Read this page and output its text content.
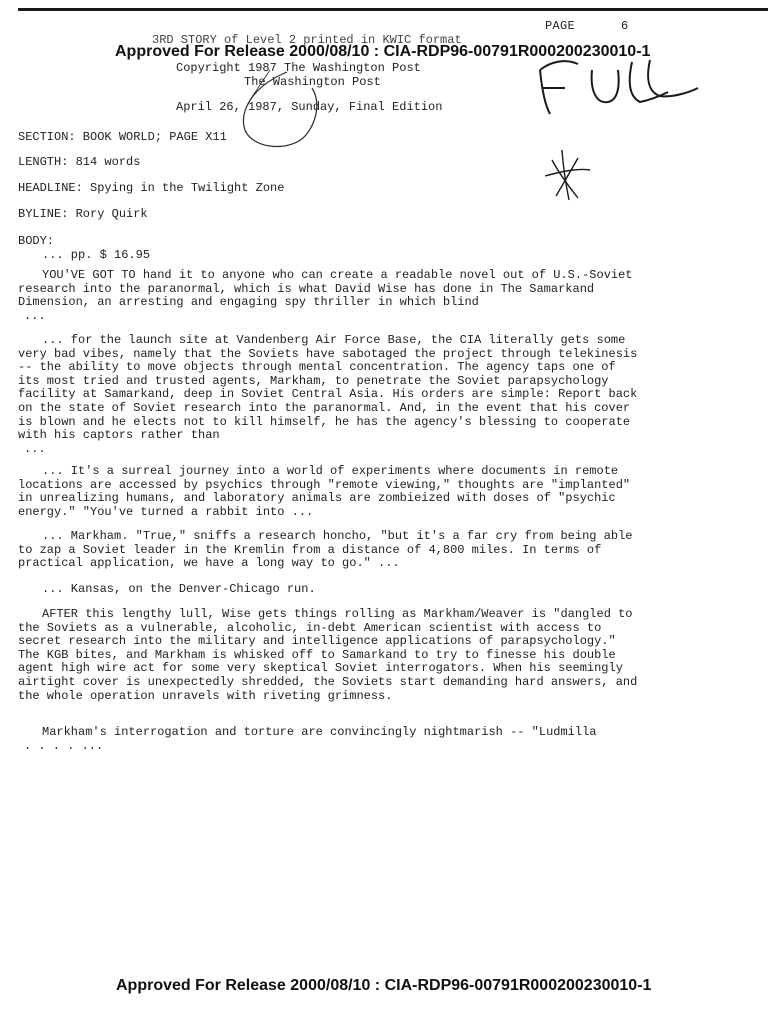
PAGE	6
3RD STORY of Level 2 printed in KWIC format
Approved For Release 2000/08/10 : CIA-RDP96-00791R000200230010-1
Copyright 1987 The Washington Post
The Washington Post
April 26, 1987, Sunday, Final Edition
SECTION: BOOK WORLD; PAGE X11
LENGTH: 814 words
HEADLINE: Spying in the Twilight Zone
BYLINE: Rory Quirk
BODY:
... pp. $ 16.95

YOU'VE GOT TO hand it to anyone who can create a readable novel out of U.S.-Soviet research into the paranormal, which is what David Wise has done in The Samarkand Dimension, an arresting and engaging spy thriller in which blind
...

... for the launch site at Vandenberg Air Force Base, the CIA literally gets some very bad vibes, namely that the Soviets have sabotaged the project through telekinesis -- the ability to move objects through mental concentration. The agency taps one of its most tried and trusted agents, Markham, to penetrate the Soviet parapsychology facility at Samarkand, deep in Soviet Central Asia. His orders are simple: Report back on the state of Soviet research into the paranormal. And, in the event that his cover is blown and he elects not to kill himself, he has the agency's blessing to cooperate with his captors rather than
...

... It's a surreal journey into a world of experiments where documents in remote locations are accessed by psychics through "remote viewing," thoughts are "implanted" in unrealizing humans, and laboratory animals are zombieized with doses of "psychic energy." "You've turned a rabbit into ...

... Markham. "True," sniffs a research honcho, "but it's a far cry from being able to zap a Soviet leader in the Kremlin from a distance of 4,800 miles. In terms of practical application, we have a long way to go." ...

... Kansas, on the Denver-Chicago run.

AFTER this lengthy lull, Wise gets things rolling as Markham/Weaver is "dangled to the Soviets as a vulnerable, alcoholic, in-debt American scientist with access to secret research into the military and intelligence applications of parapsychology." The KGB bites, and Markham is whisked off to Samarkand to try to finesse his double agent high wire act for some very skeptical Soviet interrogators. When his seemingly airtight cover is unexpectedly shredded, the Soviets start demanding hard answers, and the whole operation unravels with riveting grimness.

Markham's interrogation and torture are convincingly nightmarish -- "Ludmilla
. . . . ...

Approved For Release 2000/08/10 : CIA-RDP96-00791R000200230010-1
